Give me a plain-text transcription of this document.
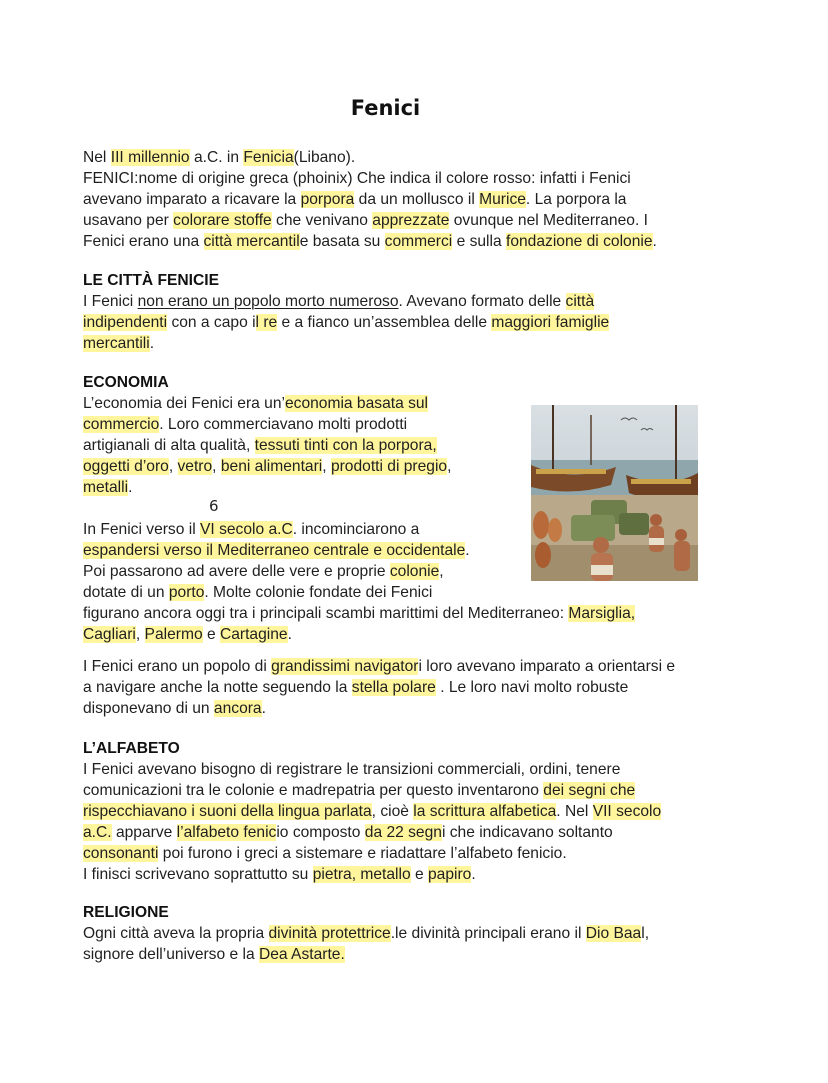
Fenici

Nel III millennio a.C. in Fenicia(Libano).

FENICI:nome di origine greca (phoinix) Che indica il colore rosso: infatti i Fenici

avevano imparato a ricavare la porpora da un mollusco il Murice. La porpora la

usavano per colorare stoffe che venivano apprezzate ovunque nel Mediterraneo. I

Fenici erano una città mercantile basata su commerci e sulla fondazione di colonie.

LE CITTÀ FENICIE

I Fenici non erano un popolo morto numeroso. Avevano formato delle città

indipendenti con a capo il re e a fianco un’assemblea delle maggiori famiglie

mercantili.

ECONOMIA

L’economia dei Fenici era un’economia basata sul

commercio. Loro commerciavano molti prodotti

artigianali di alta qualità, tessuti tinti con la porpora,

oggetti d’oro, vetro, beni alimentari, prodotti di pregio,

metalli.

In Fenici verso il VI secolo a.C. incominciarono a

espandersi verso il Mediterraneo centrale e occidentale.

Poi passarono ad avere delle vere e proprie colonie,

dotate di un porto. Molte colonie fondate dei Fenici

figurano ancora oggi tra i principali scambi marittimi del Mediterraneo: Marsiglia,

Cagliari, Palermo e Cartagine.

6

I Fenici erano un popolo di grandissimi navigatori loro avevano imparato a orientarsi e

a navigare anche la notte seguendo la stella polare . Le loro navi molto robuste

disponevano di un ancora.

L’ALFABETO

I Fenici avevano bisogno di registrare le transizioni commerciali, ordini, tenere

comunicazioni tra le colonie e madrepatria per questo inventarono dei segni che

rispecchiavano i suoni della lingua parlata, cioè la scrittura alfabetica. Nel VII secolo

a.C. apparve l’alfabeto fenicio composto da 22 segni che indicavano soltanto

consonanti poi furono i greci a sistemare e riadattare l’alfabeto fenicio.

I finisci scrivevano soprattutto su pietra, metallo e papiro.

RELIGIONE

Ogni città aveva la propria divinità protettrice.le divinità principali erano il Dio Baal,

signore dell’universo e la Dea Astarte.
